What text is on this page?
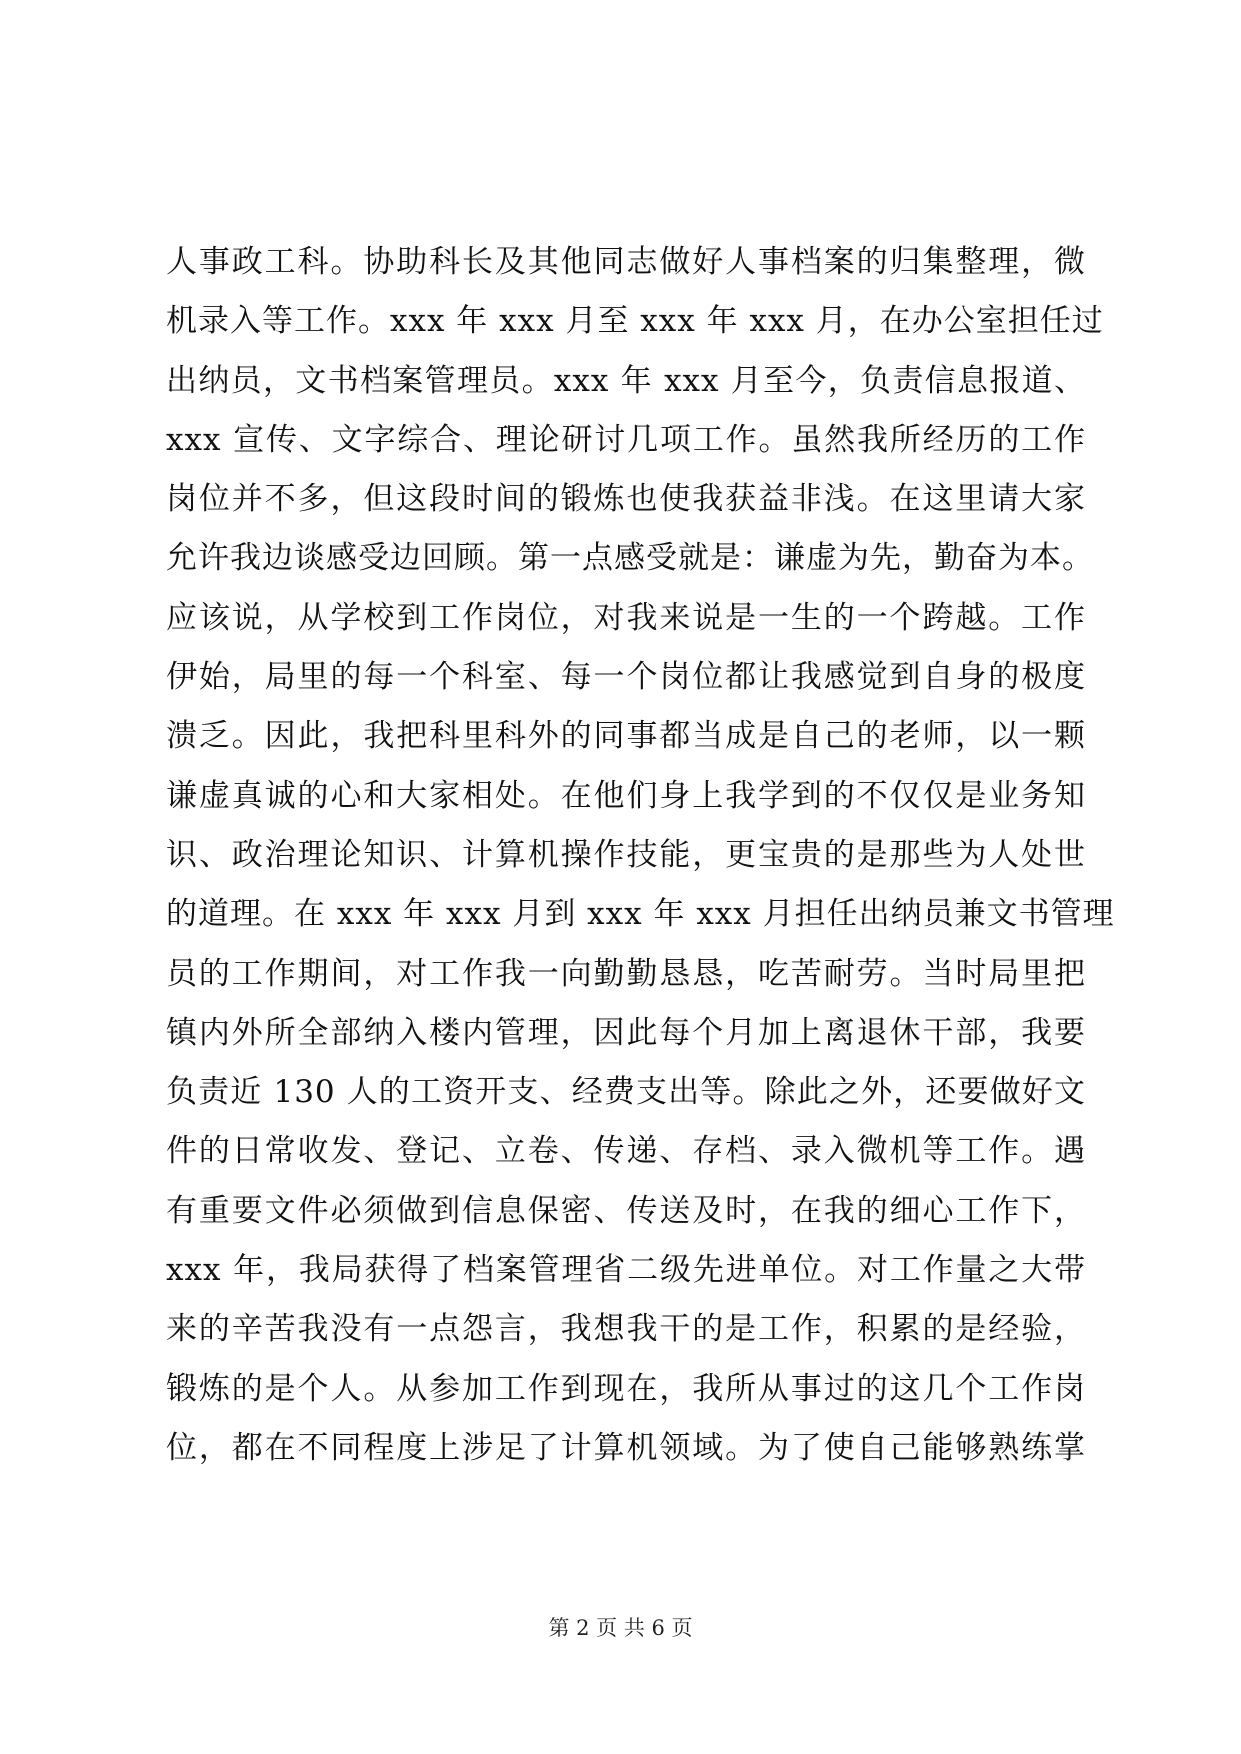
人事政工科。协助科长及其他同志做好人事档案的归集整理，微
机录入等工作。xxx 年 xxx 月至 xxx 年 xxx 月，在办公室担任过
出纳员，文书档案管理员。xxx 年 xxx 月至今，负责信息报道、
xxx 宣传、文字综合、理论研讨几项工作。虽然我所经历的工作
岗位并不多，但这段时间的锻炼也使我获益非浅。在这里请大家
允许我边谈感受边回顾。第一点感受就是：谦虚为先，勤奋为本。
应该说，从学校到工作岗位，对我来说是一生的一个跨越。工作
伊始，局里的每一个科室、每一个岗位都让我感觉到自身的极度
溃乏。因此，我把科里科外的同事都当成是自己的老师，以一颗
谦虚真诚的心和大家相处。在他们身上我学到的不仅仅是业务知
识、政治理论知识、计算机操作技能，更宝贵的是那些为人处世
的道理。在 xxx 年 xxx 月到 xxx 年 xxx 月担任出纳员兼文书管理
员的工作期间，对工作我一向勤勤恳恳，吃苦耐劳。当时局里把
镇内外所全部纳入楼内管理，因此每个月加上离退休干部，我要
负责近 130 人的工资开支、经费支出等。除此之外，还要做好文
件的日常收发、登记、立卷、传递、存档、录入微机等工作。遇
有重要文件必须做到信息保密、传送及时，在我的细心工作下，
xxx 年，我局获得了档案管理省二级先进单位。对工作量之大带
来的辛苦我没有一点怨言，我想我干的是工作，积累的是经验，
锻炼的是个人。从参加工作到现在，我所从事过的这几个工作岗
位，都在不同程度上涉足了计算机领域。为了使自己能够熟练掌
第 2 页 共 6 页
